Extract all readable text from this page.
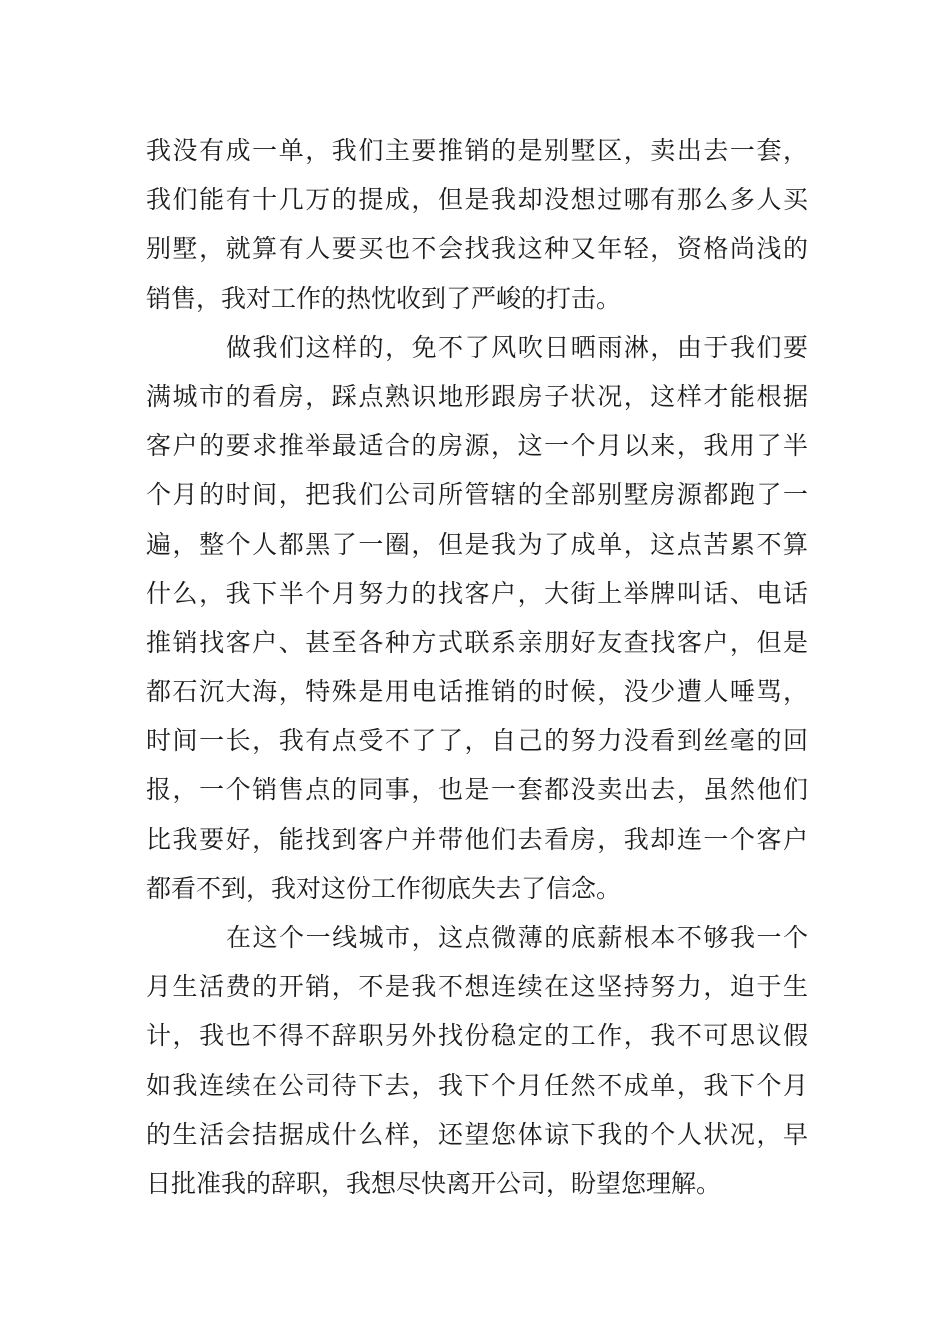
我没有成一单，我们主要推销的是别墅区，卖出去一套，
我们能有十几万的提成，但是我却没想过哪有那么多人买
别墅，就算有人要买也不会找我这种又年轻，资格尚浅的
销售，我对工作的热忱收到了严峻的打击。
做我们这样的，免不了风吹日晒雨淋，由于我们要
满城市的看房，踩点熟识地形跟房子状况，这样才能根据
客户的要求推举最适合的房源，这一个月以来，我用了半
个月的时间，把我们公司所管辖的全部别墅房源都跑了一
遍，整个人都黑了一圈，但是我为了成单，这点苦累不算
什么，我下半个月努力的找客户，大街上举牌叫话、电话
推销找客户、甚至各种方式联系亲朋好友查找客户，但是
都石沉大海，特殊是用电话推销的时候，没少遭人唾骂，
时间一长，我有点受不了了，自己的努力没看到丝毫的回
报，一个销售点的同事，也是一套都没卖出去，虽然他们
比我要好，能找到客户并带他们去看房，我却连一个客户
都看不到，我对这份工作彻底失去了信念。
在这个一线城市，这点微薄的底薪根本不够我一个
月生活费的开销，不是我不想连续在这坚持努力，迫于生
计，我也不得不辞职另外找份稳定的工作，我不可思议假
如我连续在公司待下去，我下个月任然不成单，我下个月
的生活会拮据成什么样，还望您体谅下我的个人状况，早
日批准我的辞职，我想尽快离开公司，盼望您理解。
